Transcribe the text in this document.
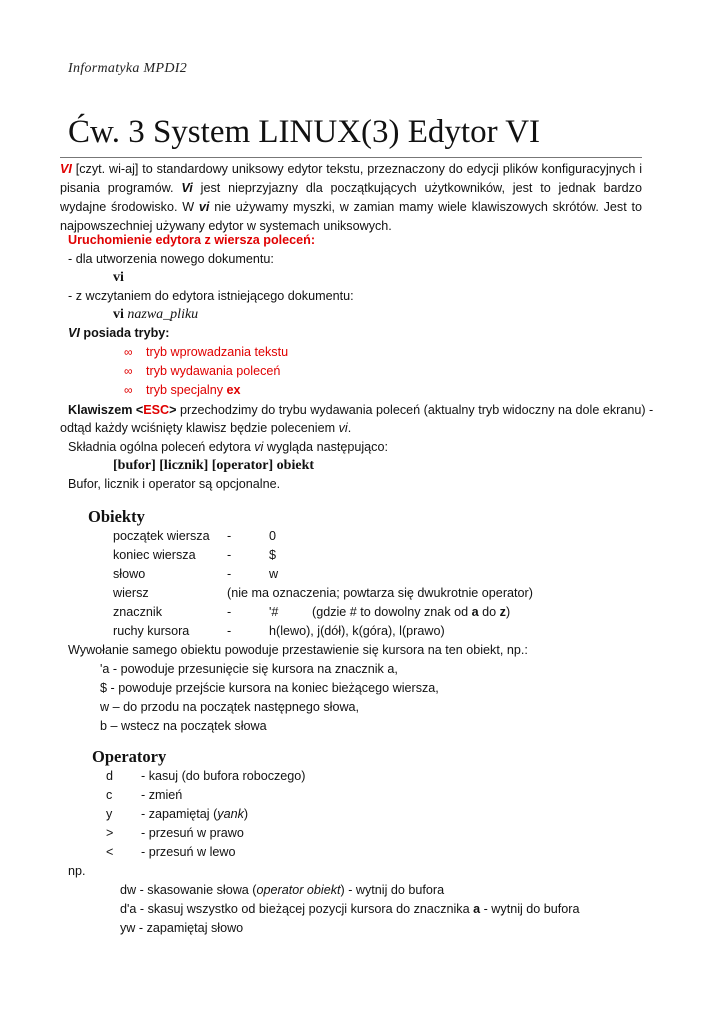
Informatyka MPDI2
Ćw. 3 System LINUX(3) Edytor VI
VI [czyt. wi-aj] to standardowy uniksowy edytor tekstu, przeznaczony do edycji plików konfiguracyjnych i pisania programów. Vi jest nieprzyjazny dla początkujących użytkowników, jest to jednak bardzo wydajne środowisko. W vi nie używamy myszki, w zamian mamy wiele klawiszowych skrótów. Jest to najpowszechniej używany edytor w systemach uniksowych.
Uruchomienie edytora z wiersza poleceń:
- dla utworzenia nowego dokumentu:
vi
- z wczytaniem do edytora istniejącego dokumentu:
vi nazwa_pliku
VI posiada tryby:
∞ tryb wprowadzania tekstu
∞ tryb wydawania poleceń
∞ tryb specjalny ex
Klawiszem <ESC> przechodzimy do trybu wydawania poleceń (aktualny tryb widoczny na dole ekranu) -
odtąd każdy wciśnięty klawisz będzie poleceniem vi.
Składnia ogólna poleceń edytora vi wygląda następująco:
[bufor] [licznik] [operator] obiekt
Bufor, licznik i operator są opcjonalne.
Obiekty
początek wiersza -	0
koniec wiersza -	$
słowo	-	w
wiersz	(nie ma oznaczenia; powtarza się dwukrotnie operator)
znacznik	-	'#	(gdzie # to dowolny znak od a do z)
ruchy kursora	-	h(lewo), j(dół), k(góra), l(prawo)
Wywołanie samego obiektu powoduje przestawienie się kursora na ten obiekt, np.:
'a - powoduje przesunięcie się kursora na znacznik a,
$ - powoduje przejście kursora na koniec bieżącego wiersza,
w – do przodu na początek następnego słowa,
b – wstecz na początek słowa
Operatory
d - kasuj (do bufora roboczego)
c - zmień
y - zapamiętaj (yank)
> - przesuń w prawo
< - przesuń w lewo
np.
dw - skasowanie słowa (operator obiekt) - wytnij do bufora
d'a - skasuj wszystko od bieżącej pozycji kursora do znacznika a - wytnij do bufora
yw - zapamiętaj słowo
